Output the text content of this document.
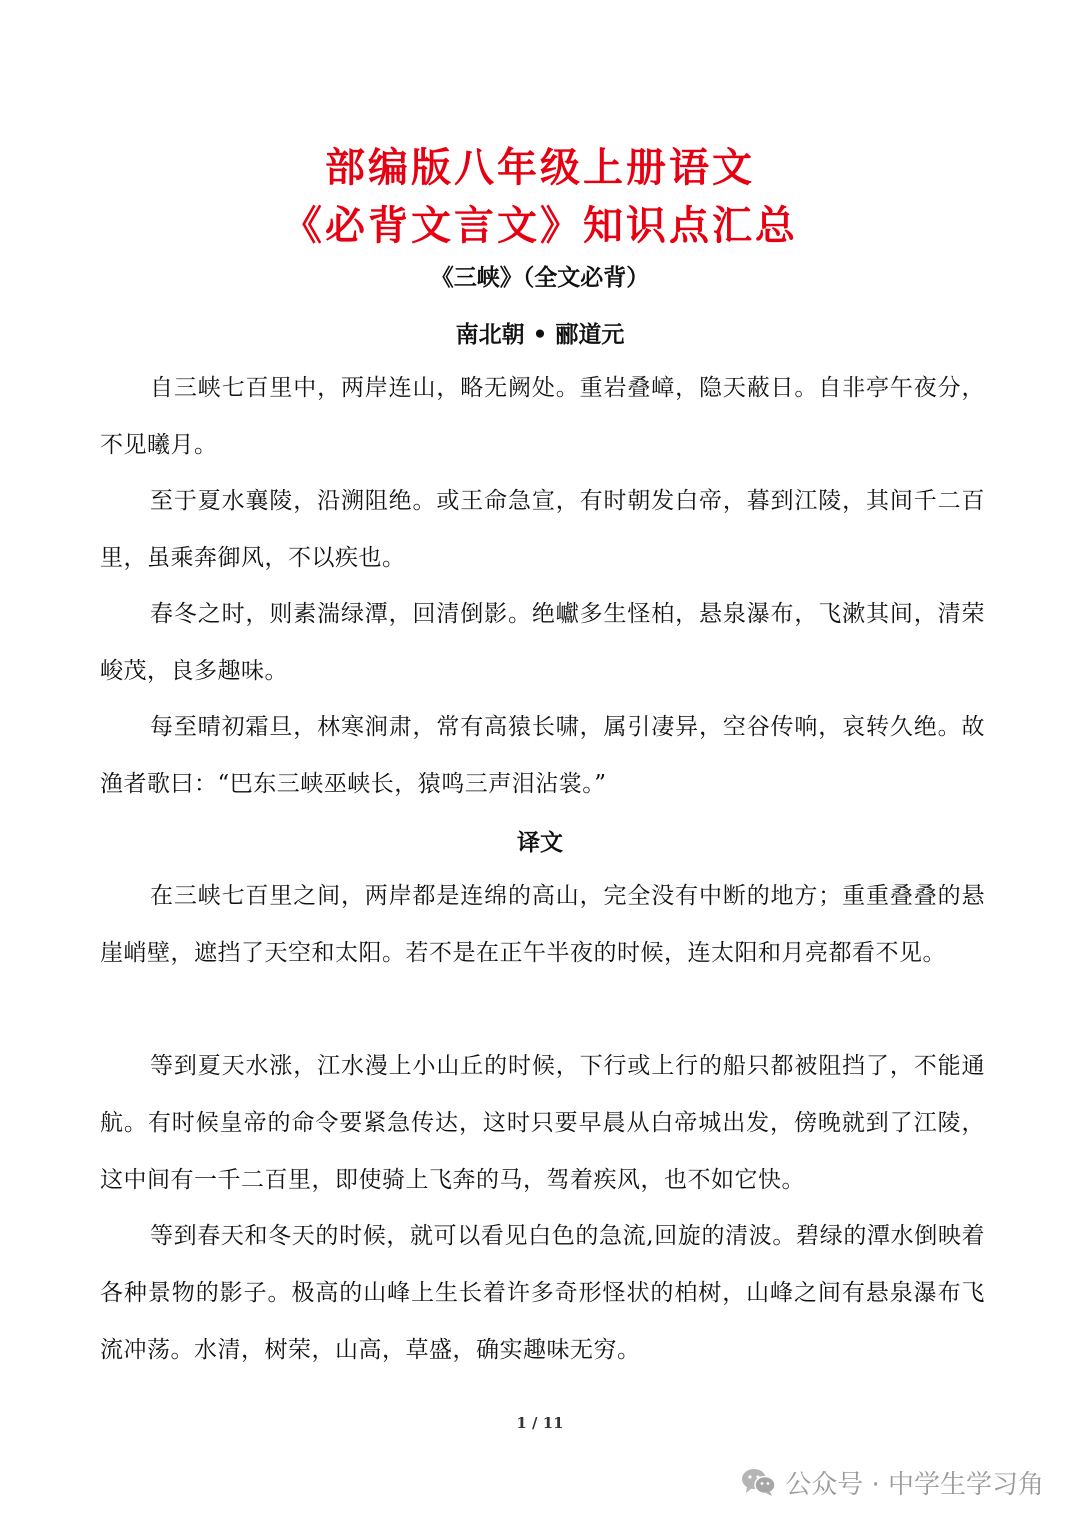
部编版八年级上册语文
《必背文言文》知识点汇总
《三峡》（全文必背）
南北朝 • 郦道元

自三峡七百里中，两岸连山，略无阙处。重岩叠嶂，隐天蔽日。自非亭午夜分，不见曦月。

至于夏水襄陵，沿溯阻绝。或王命急宣，有时朝发白帝，暮到江陵，其间千二百里，虽乘奔御风，不以疾也。

春冬之时，则素湍绿潭，回清倒影。绝巘多生怪柏，悬泉瀑布，飞漱其间，清荣峻茂，良多趣味。

每至晴初霜旦，林寒涧肃，常有高猿长啸，属引凄异，空谷传响，哀转久绝。故渔者歌曰：“巴东三峡巫峡长，猿鸣三声泪沾裳。”

译文

在三峡七百里之间，两岸都是连绵的高山，完全没有中断的地方；重重叠叠的悬崖峭壁，遮挡了天空和太阳。若不是在正午半夜的时候，连太阳和月亮都看不见。

等到夏天水涨，江水漫上小山丘的时候，下行或上行的船只都被阻挡了，不能通航。有时候皇帝的命令要紧急传达，这时只要早晨从白帝城出发，傍晚就到了江陵，这中间有一千二百里，即使骑上飞奔的马，驾着疾风，也不如它快。

等到春天和冬天的时候，就可以看见白色的急流,回旋的清波。碧绿的潭水倒映着各种景物的影子。极高的山峰上生长着许多奇形怪状的柏树，山峰之间有悬泉瀑布飞流冲荡。水清，树荣，山高，草盛，确实趣味无穷。

1 / 11
公众号 · 中学生学习角
